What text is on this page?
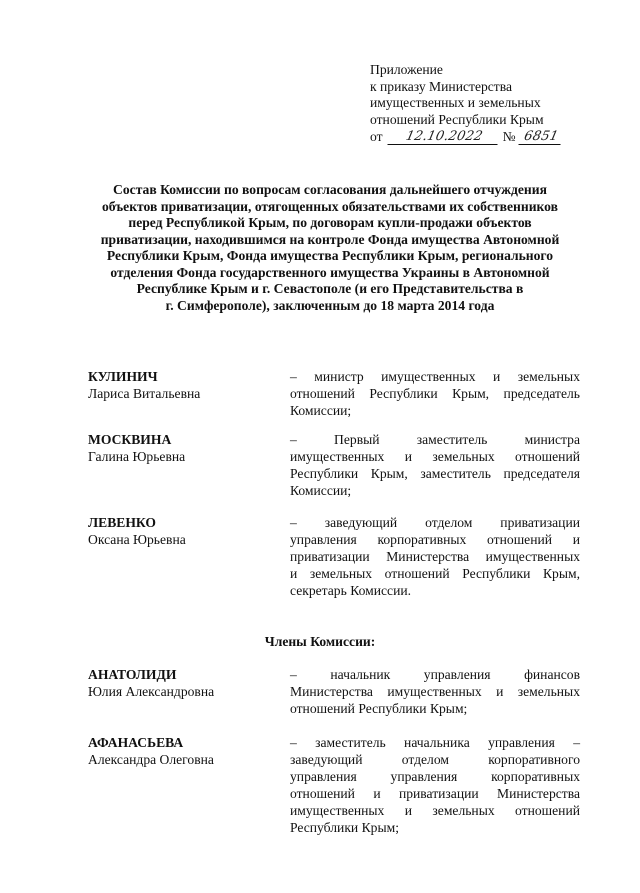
Приложение
к приказу Министерства
имущественных и земельных
отношений Республики Крым
от	12.10.2022	№ 6851
Состав Комиссии по вопросам согласования дальнейшего отчуждения
объектов приватизации, отягощенных обязательствами их собственников
перед Республикой Крым, по договорам купли-продажи объектов
приватизации, находившимся на контроле Фонда имущества Автономной
Республики Крым, Фонда имущества Республики Крым, регионального
отделения Фонда государственного имущества Украины в Автономной
Республике Крым и г. Севастополе (и его Представительства в
г. Симферополе), заключенным до 18 марта 2014 года
КУЛИНИЧ
Лариса Витальевна
– министр имущественных и земельных
отношений Республики Крым, председатель
Комиссии;
МОСКВИНА
Галина Юрьевна
– Первый заместитель министра
имущественных и земельных отношений
Республики Крым, заместитель председателя
Комиссии;
ЛЕВЕНКО
Оксана Юрьевна
– заведующий отделом приватизации
управления корпоративных отношений и
приватизации Министерства имущественных
и земельных отношений Республики Крым,
секретарь Комиссии.
Члены Комиссии:
АНАТОЛИДИ
Юлия Александровна
– начальник управления финансов
Министерства имущественных и земельных
отношений Республики Крым;
АФАНАСЬЕВА
Александра Олеговна
– заместитель начальника управления –
заведующий отделом корпоративного
управления управления корпоративных
отношений и приватизации Министерства
имущественных и земельных отношений
Республики Крым;
